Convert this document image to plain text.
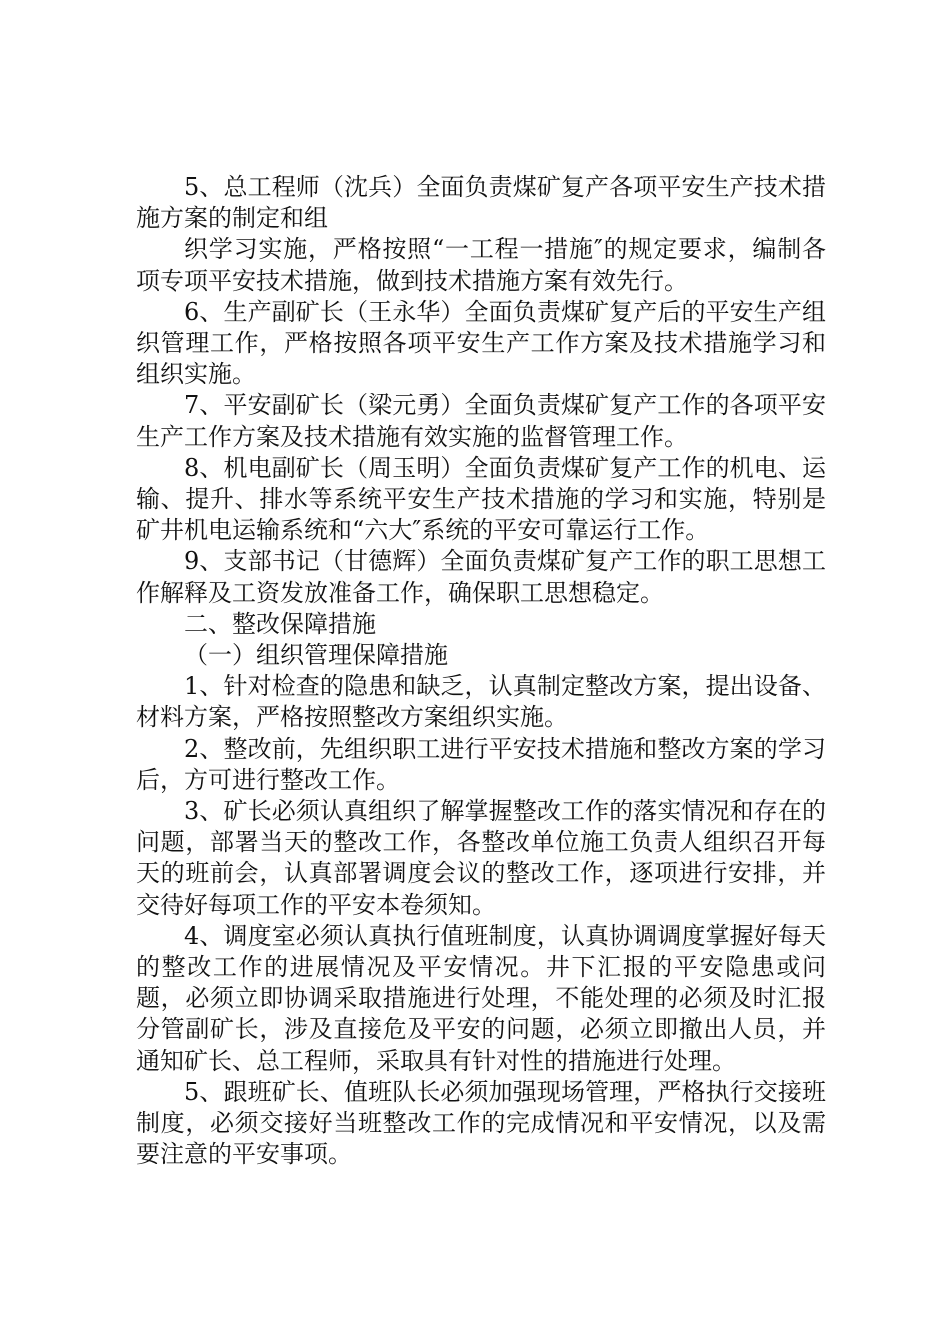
5、总工程师（沈兵）全面负责煤矿复产各项平安生产技术措施方案的制定和组

织学习实施，严格按照“一工程一措施″的规定要求，编制各项专项平安技术措施，做到技术措施方案有效先行。

6、生产副矿长（王永华）全面负责煤矿复产后的平安生产组织管理工作，严格按照各项平安生产工作方案及技术措施学习和组织实施。

7、平安副矿长（梁元勇）全面负责煤矿复产工作的各项平安生产工作方案及技术措施有效实施的监督管理工作。

8、机电副矿长（周玉明）全面负责煤矿复产工作的机电、运输、提升、排水等系统平安生产技术措施的学习和实施，特别是矿井机电运输系统和“六大″系统的平安可靠运行工作。

9、支部书记（甘德辉）全面负责煤矿复产工作的职工思想工作解释及工资发放准备工作，确保职工思想稳定。

二、整改保障措施

（一）组织管理保障措施

1、针对检查的隐患和缺乏，认真制定整改方案，提出设备、材料方案，严格按照整改方案组织实施。

2、整改前，先组织职工进行平安技术措施和整改方案的学习后，方可进行整改工作。

3、矿长必须认真组织了解掌握整改工作的落实情况和存在的问题，部署当天的整改工作，各整改单位施工负责人组织召开每天的班前会，认真部署调度会议的整改工作，逐项进行安排，并交待好每项工作的平安本卷须知。

4、调度室必须认真执行值班制度，认真协调调度掌握好每天的整改工作的进展情况及平安情况。井下汇报的平安隐患或问题，必须立即协调采取措施进行处理，不能处理的必须及时汇报分管副矿长，涉及直接危及平安的问题，必须立即撤出人员，并通知矿长、总工程师，采取具有针对性的措施进行处理。

5、跟班矿长、值班队长必须加强现场管理，严格执行交接班制度，必须交接好当班整改工作的完成情况和平安情况，以及需要注意的平安事项。
